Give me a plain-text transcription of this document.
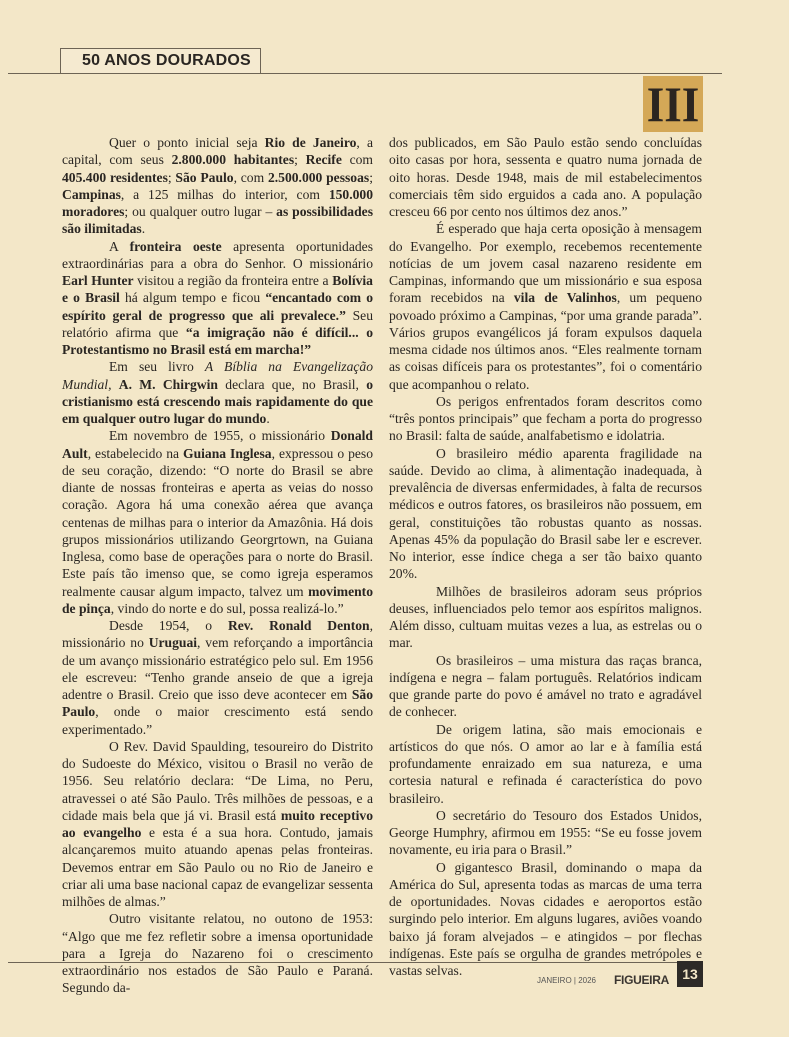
50 ANOS DOURADOS
III

Quer o ponto inicial seja Rio de Janeiro, a capital, com seus 2.800.000 habitantes; Recife com 405.400 residentes; São Paulo, com 2.500.000 pessoas; Campinas, a 125 milhas do interior, com 150.000 moradores; ou qualquer outro lugar – as possibilidades são ilimitadas.

A fronteira oeste apresenta oportunidades extraordinárias para a obra do Senhor. O missionário Earl Hunter visitou a região da fronteira entre a Bolívia e o Brasil há algum tempo e ficou “encantado com o espírito geral de progresso que ali prevalece.” Seu relatório afirma que “a imigração não é difícil... o Protestantismo no Brasil está em marcha!”

Em seu livro A Bíblia na Evangelização Mundial, A. M. Chirgwin declara que, no Brasil, o cristianismo está crescendo mais rapidamente do que em qualquer outro lugar do mundo.

Em novembro de 1955, o missionário Donald Ault, estabelecido na Guiana Inglesa, expressou o peso de seu coração, dizendo: “O norte do Brasil se abre diante de nossas fronteiras e aperta as veias do nosso coração. Agora há uma conexão aérea que avança centenas de milhas para o interior da Amazônia. Há dois grupos missionários utilizando Georgrtown, na Guiana Inglesa, como base de operações para o norte do Brasil. Este país tão imenso que, se como igreja esperamos realmente causar algum impacto, talvez um movimento de pinça, vindo do norte e do sul, possa realizá-lo.”

Desde 1954, o Rev. Ronald Denton, missionário no Uruguai, vem reforçando a importância de um avanço missionário estratégico pelo sul. Em 1956 ele escreveu: “Tenho grande anseio de que a igreja adentre o Brasil. Creio que isso deve acontecer em São Paulo, onde o maior crescimento está sendo experimentado.”

O Rev. David Spaulding, tesoureiro do Distrito do Sudoeste do México, visitou o Brasil no verão de 1956. Seu relatório declara: “De Lima, no Peru, atravessei o até São Paulo. Três milhões de pessoas, e a cidade mais bela que já vi. Brasil está muito receptivo ao evangelho e esta é a sua hora. Contudo, jamais alcançaremos muito atuando apenas pelas fronteiras. Devemos entrar em São Paulo ou no Rio de Janeiro e criar ali uma base nacional capaz de evangelizar sessenta milhões de almas.”

Outro visitante relatou, no outono de 1953: “Algo que me fez refletir sobre a imensa oportunidade para a Igreja do Nazareno foi o crescimento extraordinário nos estados de São Paulo e Paraná. Segundo da-

dos publicados, em São Paulo estão sendo concluídas oito casas por hora, sessenta e quatro numa jornada de oito horas. Desde 1948, mais de mil estabelecimentos comerciais têm sido erguidos a cada ano. A população cresceu 66 por cento nos últimos dez anos.”

É esperado que haja certa oposição à mensagem do Evangelho. Por exemplo, recebemos recentemente notícias de um jovem casal nazareno residente em Campinas, informando que um missionário e sua esposa foram recebidos na vila de Valinhos, um pequeno povoado próximo a Campinas, “por uma grande parada”. Vários grupos evangélicos já foram expulsos daquela mesma cidade nos últimos anos. “Eles realmente tornam as coisas difíceis para os protestantes”, foi o comentário que acompanhou o relato.

Os perigos enfrentados foram descritos como “três pontos principais” que fecham a porta do progresso no Brasil: falta de saúde, analfabetismo e idolatria.

O brasileiro médio aparenta fragilidade na saúde. Devido ao clima, à alimentação inadequada, à prevalência de diversas enfermidades, à falta de recursos médicos e outros fatores, os brasileiros não possuem, em geral, constituições tão robustas quanto as nossas. Apenas 45% da população do Brasil sabe ler e escrever. No interior, esse índice chega a ser tão baixo quanto 20%.

Milhões de brasileiros adoram seus próprios deuses, influenciados pelo temor aos espíritos malignos. Além disso, cultuam muitas vezes a lua, as estrelas ou o mar.

Os brasileiros – uma mistura das raças branca, indígena e negra – falam português. Relatórios indicam que grande parte do povo é amável no trato e agradável de conhecer.

De origem latina, são mais emocionais e artísticos do que nós. O amor ao lar e à família está profundamente enraizado em sua natureza, e uma cortesia natural e refinada é característica do povo brasileiro.

O secretário do Tesouro dos Estados Unidos, George Humphry, afirmou em 1955: “Se eu fosse jovem novamente, eu iria para o Brasil.”

O gigantesco Brasil, dominando o mapa da América do Sul, apresenta todas as marcas de uma terra de oportunidades. Novas cidades e aeroportos estão surgindo pelo interior. Em alguns lugares, aviões voando baixo já foram alvejados – e atingidos – por flechas indígenas. Este país se orgulha de grandes metrópoles e vastas selvas.

JANEIRO | 2026 FIGUEIRA 13
